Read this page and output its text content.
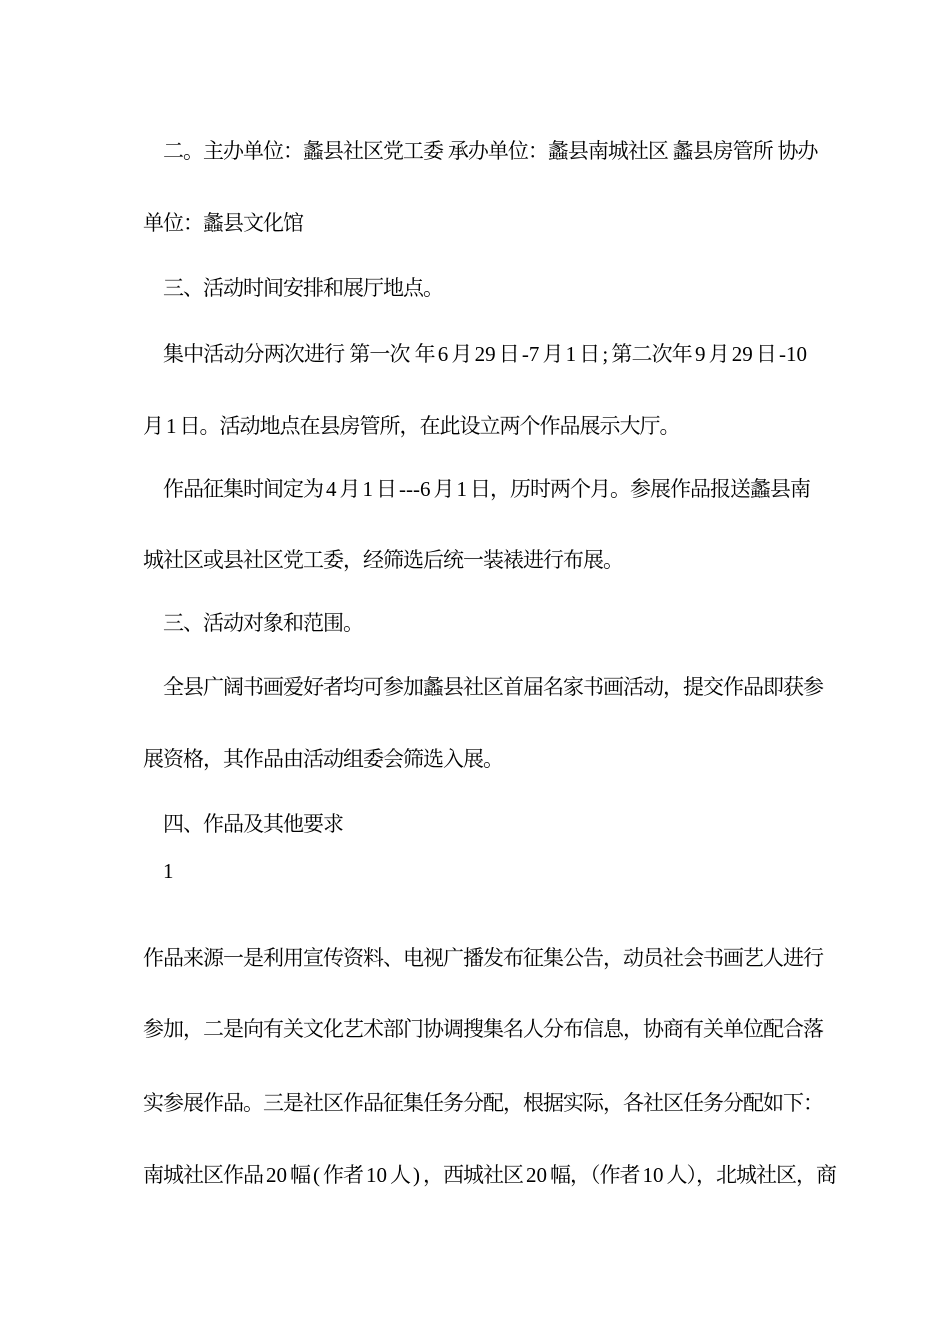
二。主办单位：蠡县社区党工委 承办单位：蠡县南城社区 蠡县房管所 协办
单位：蠡县文化馆
三、活动时间安排和展厅地点。
集中活动分两次进行 第一次 年 6 月 29 日 -7 月 1 日 ; 第二次年 9 月 29 日 -10
月 1 日。活动地点在县房管所，在此设立两个作品展示大厅。
作品征集时间定为 4 月 1 日 ---6 月 1 日，历时两个月。参展作品报送蠡县南
城社区或县社区党工委，经筛选后统一装裱进行布展。
三、活动对象和范围。
全县广阔书画爱好者均可参加蠡县社区首届名家书画活动，提交作品即获参
展资格，其作品由活动组委会筛选入展。
四、作品及其他要求
1
作品来源一是利用宣传资料、电视广播发布征集公告，动员社会书画艺人进行
参加，二是向有关文化艺术部门协调搜集名人分布信息，协商有关单位配合落
实参展作品。三是社区作品征集任务分配，根据实际，各社区任务分配如下：
南城社区作品 20 幅 ( 作者 10 人 ) ，西城社区 20 幅，（作者 10 人），北城社区，商
